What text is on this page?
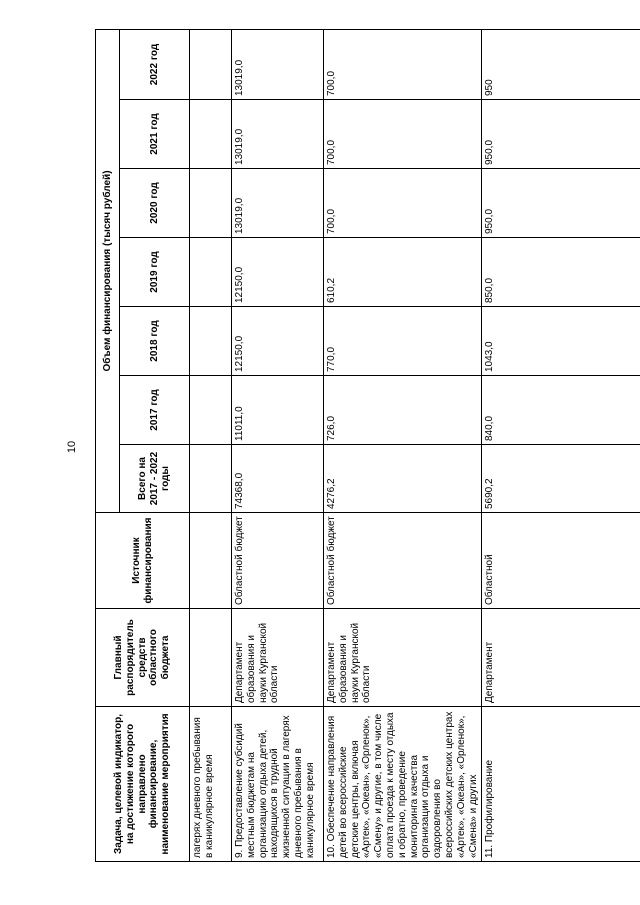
10
Задача, целевой индикатор, на достижение которого направлено финансирование, наименование мероприятия	Главный распорядитель средств областного бюджета	Источник финансирования	Объем финансирования (тысяч рублей)						
			Всего на 2017 - 2022 годы	2017 год	2018 год	2019 год	2020 год	2021 год	2022 год
лагерях дневного пребывания в каникулярное время									
9. Предоставление субсидий местным бюджетам на организацию отдыха детей, находящихся в трудной жизненной ситуации в лагерях дневного пребывания в каникулярное время	Департамент образования и науки Курганской области	Областной бюджет	74368,0	11011,0	12150,0	12150,0	13019,0	13019,0	13019,0
10. Обеспечение направления детей во всероссийские детские центры, включая «Артек», «Океан», «Орленок», «Смену» и другие, в том числе оплата проезда к месту отдыха и обратно, проведение мониторинга качества организации отдыха и оздоровления во всероссийских детских центрах «Артек», «Океан», «Орленок», «Смена» и других	Департамент образования и науки Курганской области	Областной бюджет	4276,2	726,0	770,0	610,2	700,0	700,0	700,0
11. Профилирование	Департамент	Областной	5690,2	840,0	1043,0	850,0	950,0	950,0	950
